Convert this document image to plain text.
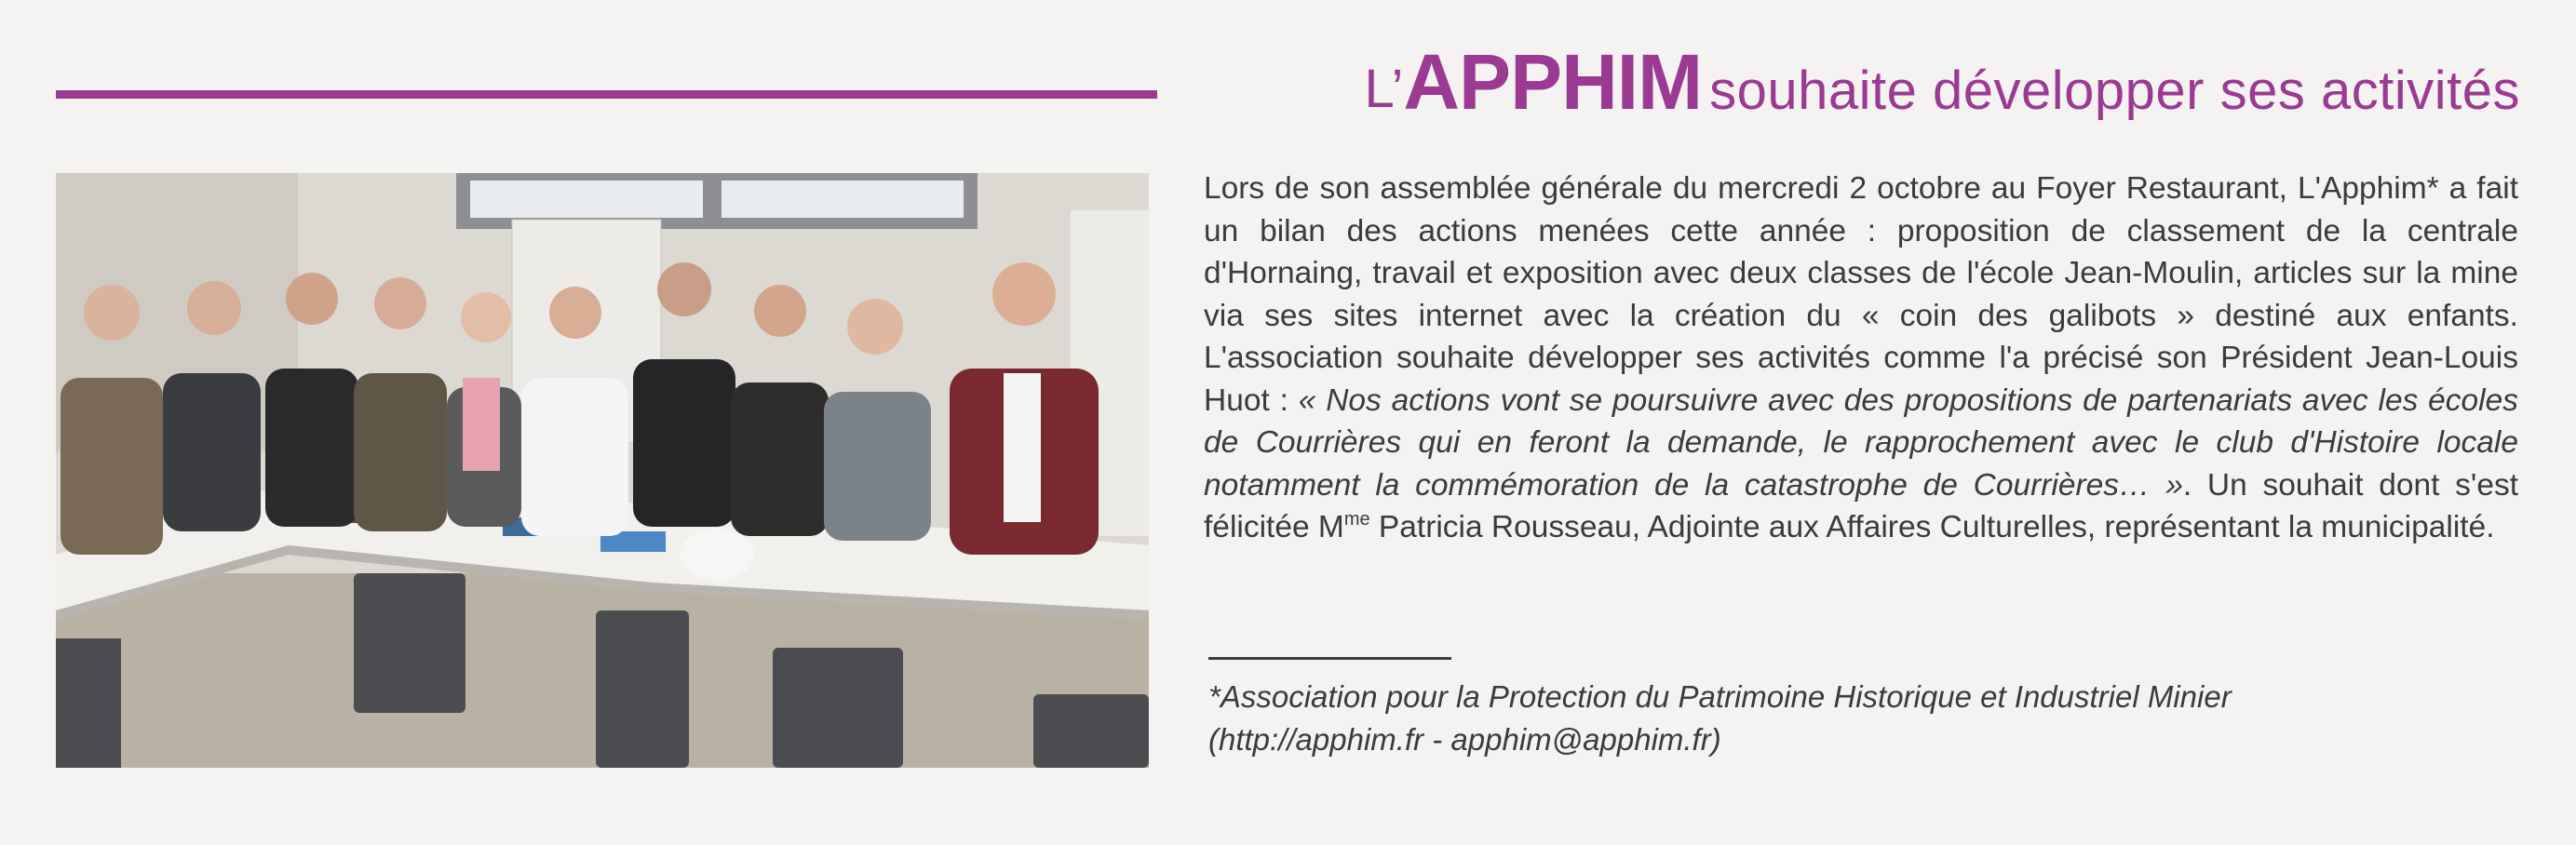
L’APPHIM souhaite développer ses activités
Lors de son assemblée générale du mercredi 2 octobre au Foyer Restaurant, L'Apphim* a fait un bilan des actions menées cette année : proposition de classement de la centrale d'Hornaing, travail et exposition avec deux classes de l'école Jean-Moulin, articles sur la mine via ses sites internet avec la création du « coin des galibots » destiné aux enfants. L'association souhaite développer ses activités comme l'a précisé son Président Jean-Louis Huot : « Nos actions vont se poursuivre avec des propositions de partenariats avec les écoles de Courrières qui en feront la demande, le rapprochement avec le club d'Histoire locale notamment la commémoration de la catastrophe de Courrières… ». Un souhait dont s'est félicitée $M^{me}$ Patricia Rousseau, Adjointe aux Affaires Culturelles, représentant la municipalité.
*Association pour la Protection du Patrimoine Historique et Industriel Minier
(http://apphim.fr - apphim@apphim.fr)
